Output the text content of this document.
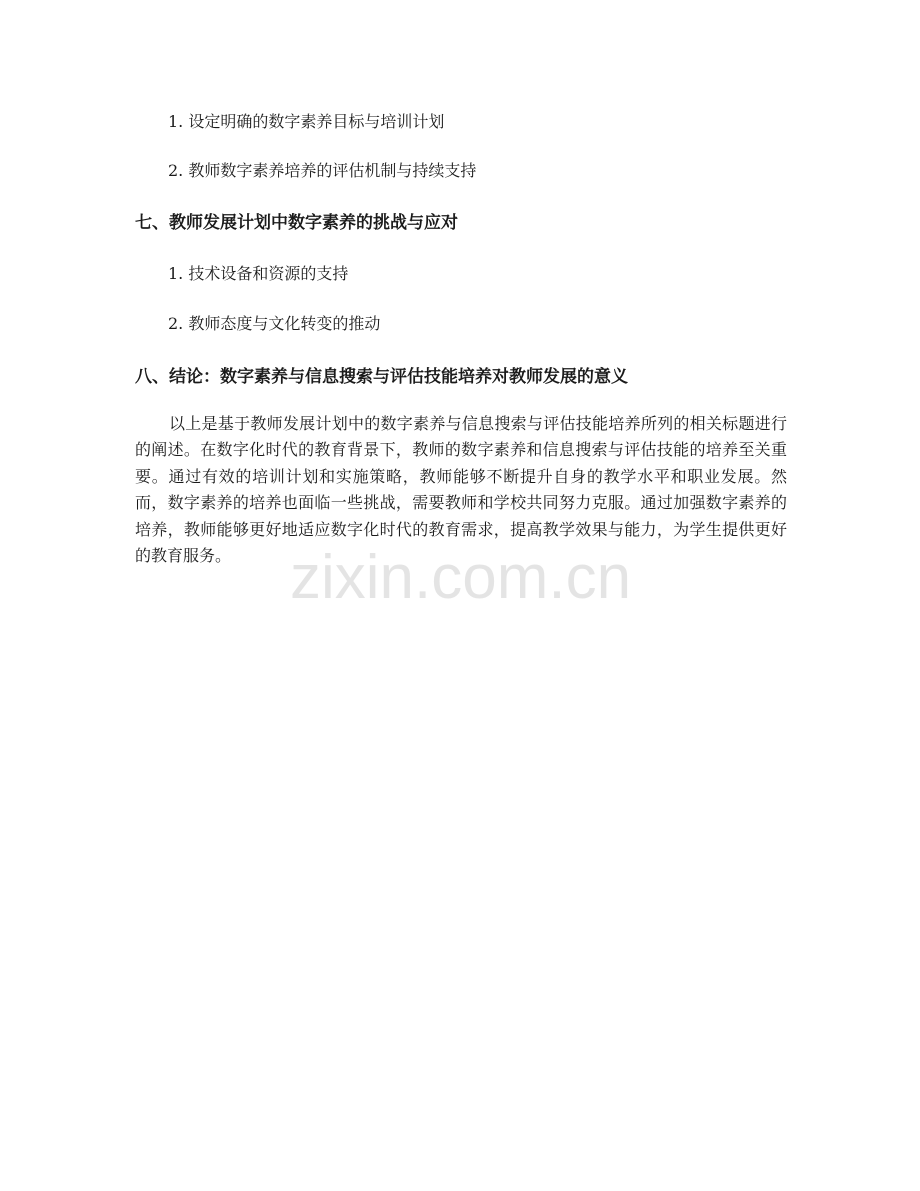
1. 设定明确的数字素养目标与培训计划
2. 教师数字素养培养的评估机制与持续支持
七、教师发展计划中数字素养的挑战与应对
1. 技术设备和资源的支持
2. 教师态度与文化转变的推动
八、结论：数字素养与信息搜索与评估技能培养对教师发展的意义

以上是基于教师发展计划中的数字素养与信息搜索与评估技能培养所列的相关标题进行的阐述。在数字化时代的教育背景下，教师的数字素养和信息搜索与评估技能的培养至关重要。通过有效的培训计划和实施策略，教师能够不断提升自身的教学水平和职业发展。然而，数字素养的培养也面临一些挑战，需要教师和学校共同努力克服。通过加强数字素养的培养，教师能够更好地适应数字化时代的教育需求，提高教学效果与能力，为学生提供更好的教育服务。 zixin.com.cn
